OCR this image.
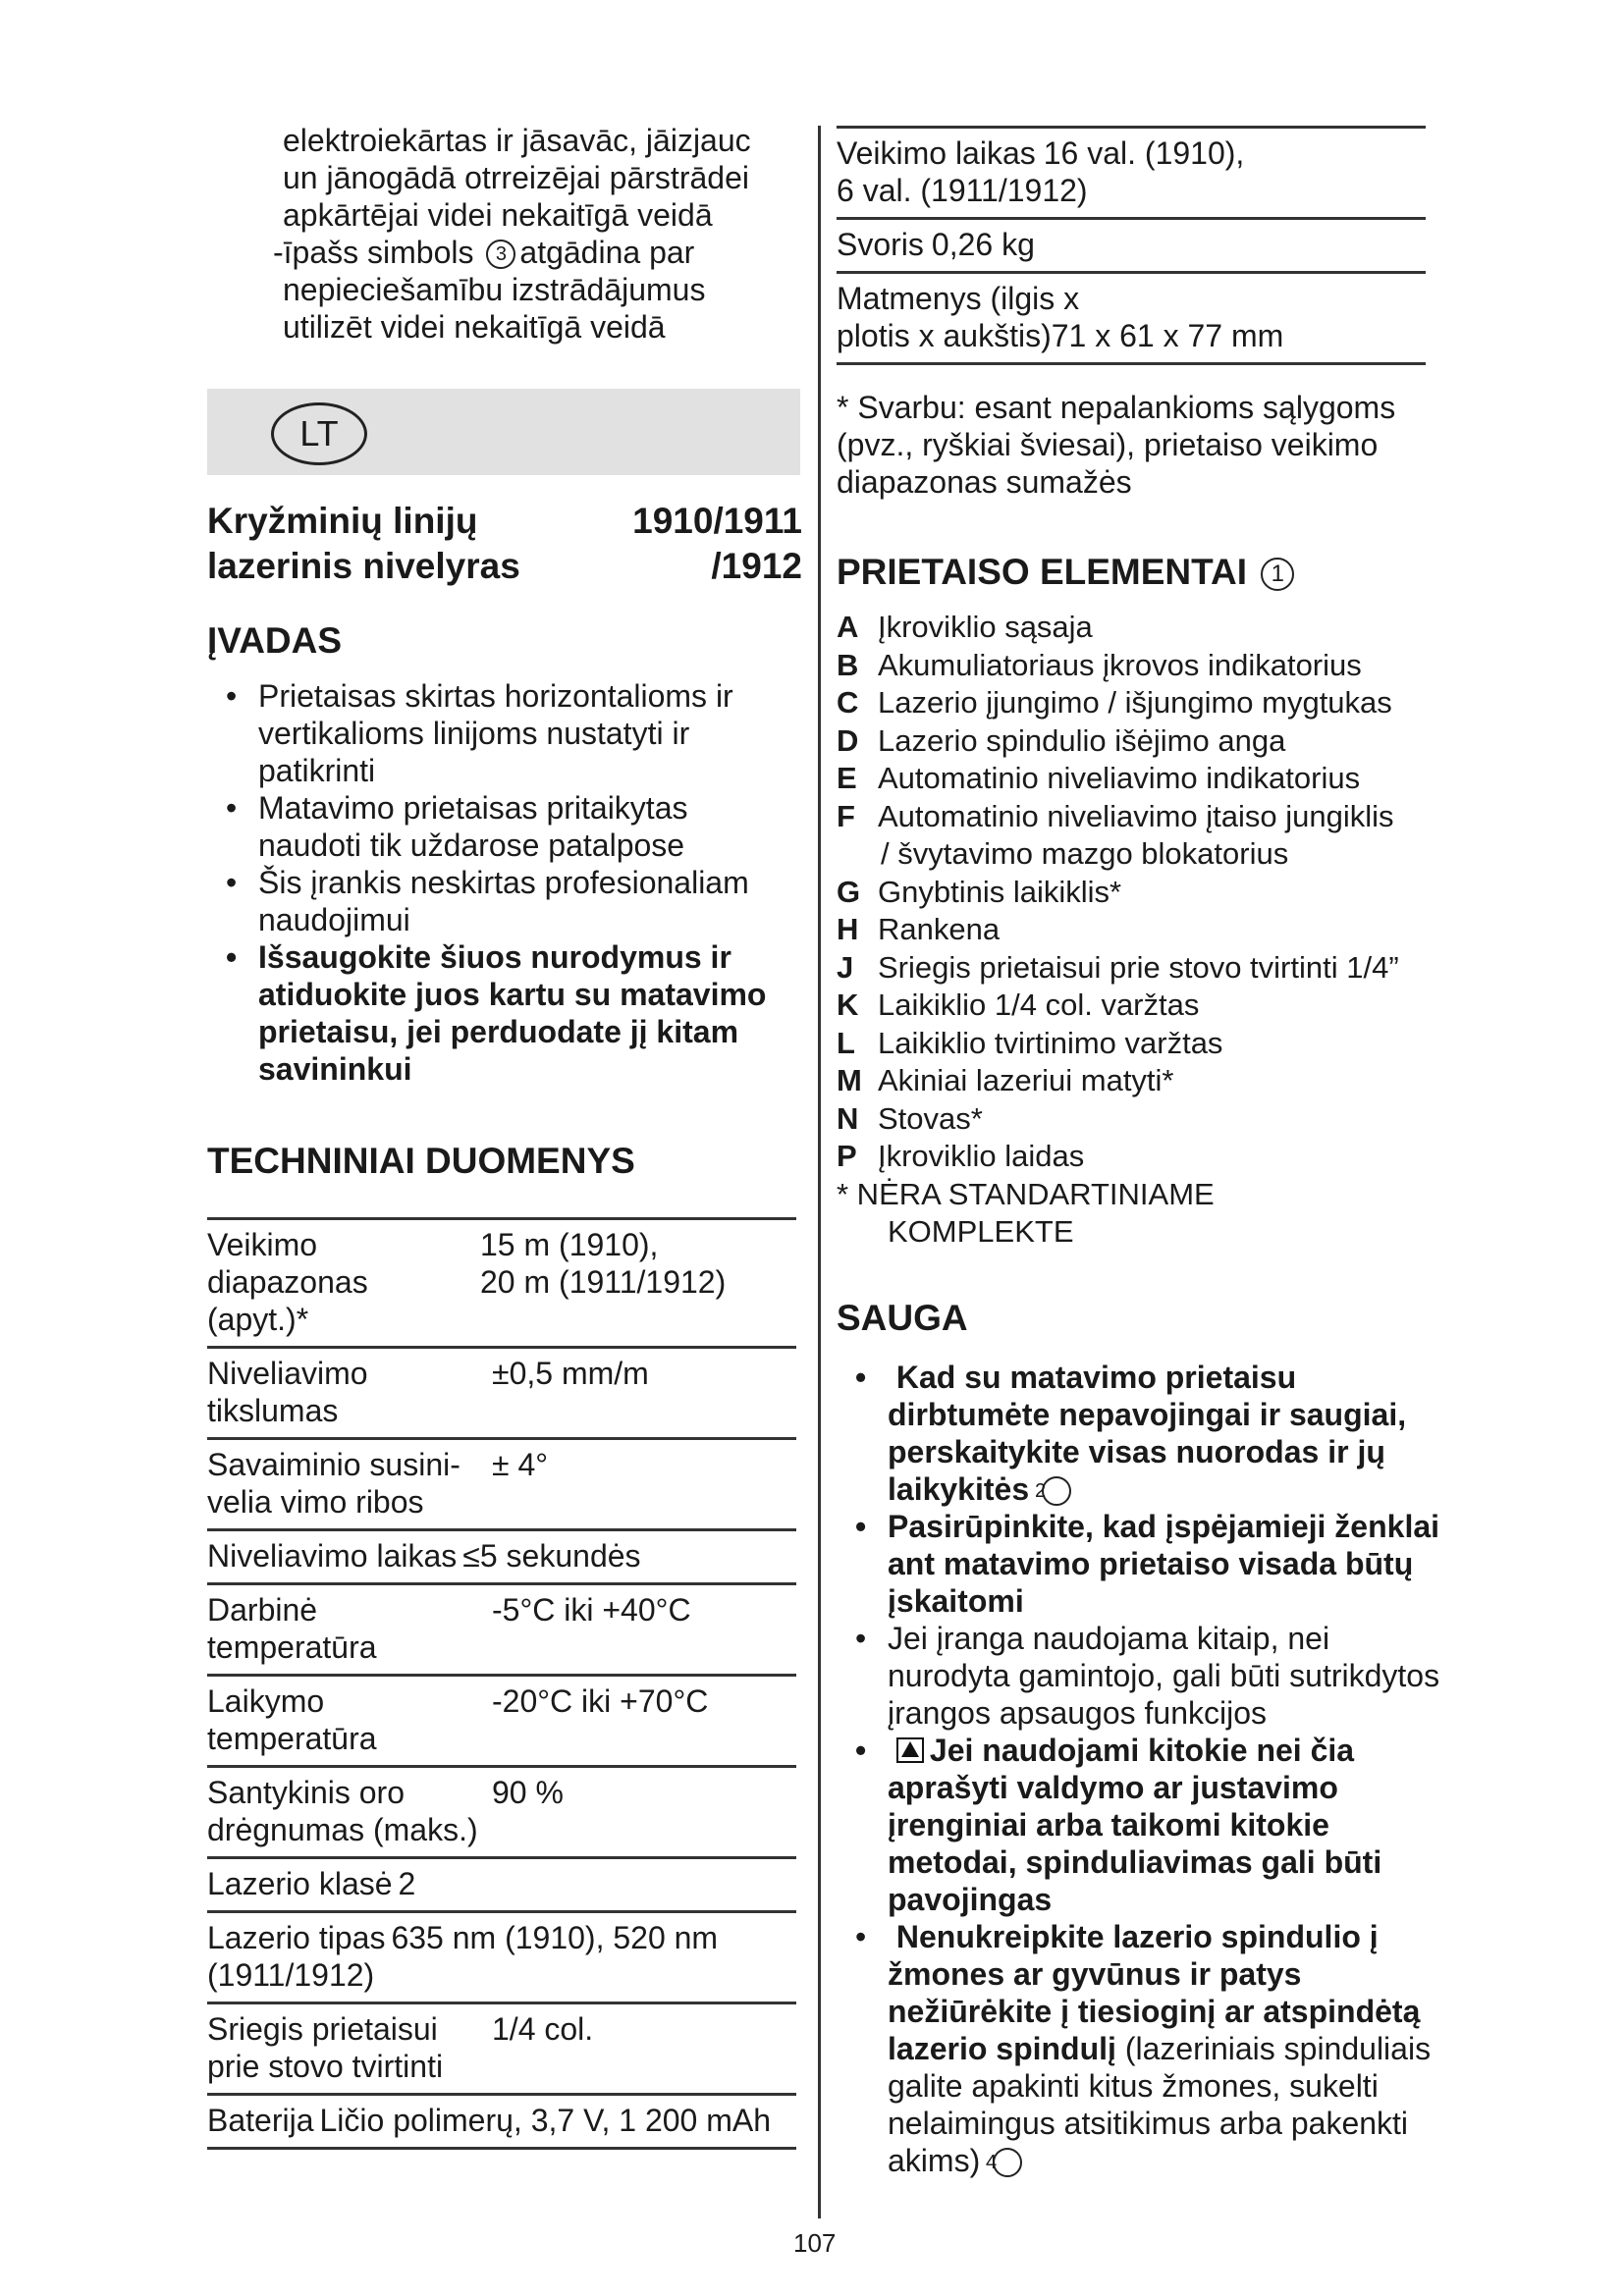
elektroiekārtas ir jāsavāc, jāizjauc
un jānogādā otrreizējai pārstrādei
apkārtējai videi nekaitīgā veidā
-īpašs simbols 3 atgādina par
nepieciešamību izstrādājumus
utilizēt videi nekaitīgā veidā
LT
Kryžminių linijų
lazerinis nivelyras
1910/1911
/1912
ĮVADAS
• Prietaisas skirtas horizontalioms ir vertikalioms linijoms nustatyti ir patikrinti
• Matavimo prietaisas pritaikytas naudoti tik uždarose patalpose
• Šis įrankis neskirtas profesionaliam naudojimui
• Išsaugokite šiuos nurodymus ir atiduokite juos kartu su matavimo prietaisu, jei perduodate jį kitam savininkui
TECHNINIAI DUOMENYS
Veikimo diapazonas
(apyt.)*15 m (1910),
20 m (1911/1912)
Niveliavimo
tikslumas±0,5 mm/m
Savaiminio susini-
velia vimo ribos± 4°
Niveliavimo laikas ≤5 sekundės
Darbinė
temperatūra-5°C iki +40°C
Laikymo
temperatūra-20°C iki +70°C
Santykinis oro
drėgnumas (maks.)90 %
Lazerio klasė 2
Lazerio tipas 635 nm (1910), 520 nm (1911/1912)
Sriegis prietaisui
prie stovo tvirtinti1/4 col.
Baterija Ličio polimerų, 3,7 V, 1 200 mAh
Veikimo laikas 16 val. (1910),
6 val. (1911/1912)
Svoris 0,26 kg
Matmenys (ilgis x
plotis x aukštis)71 x 61 x 77 mm
* Svarbu: esant nepalankioms sąlygoms (pvz., ryškiai šviesai), prietaiso veikimo diapazonas sumažės
PRIETAISO ELEMENTAI 1
A Įkroviklio sąsaja
B Akumuliatoriaus įkrovos indikatorius
C Lazerio įjungimo / išjungimo mygtukas
D Lazerio spindulio išėjimo anga
E Automatinio niveliavimo indikatorius
F Automatinio niveliavimo įtaiso jungiklis
/ švytavimo mazgo blokatorius
G Gnybtinis laikiklis*
H Rankena
J Sriegis prietaisui prie stovo tvirtinti 1/4”
K Laikiklio 1/4 col. varžtas
L Laikiklio tvirtinimo varžtas
M Akiniai lazeriui matyti*
N Stovas*
P Įkroviklio laidas
* NĖRA STANDARTINIAME
KOMPLEKTE
SAUGA
• Kad su matavimo prietaisu dirbtumėte nepavojingai ir saugiai, perskaitykite visas nuorodas ir jų laikykitės 2
• Pasirūpinkite, kad įspėjamieji ženklai ant matavimo prietaiso visada būtų įskaitomi
• Jei įranga naudojama kitaip, nei nurodyta gamintojo, gali būti sutrikdytos įrangos apsaugos funkcijos
• Jei naudojami kitokie nei čia aprašyti valdymo ar justavimo įrenginiai arba taikomi kitokie metodai, spinduliavimas gali būti pavojingas
• Nenukreipkite lazerio spindulio į žmones ar gyvūnus ir patys nežiūrėkite į tiesioginį ar atspindėtą lazerio spindulį (lazeriniais spinduliais galite apakinti kitus žmones, sukelti nelaimingus atsitikimus arba pakenkti akims) 4
107
